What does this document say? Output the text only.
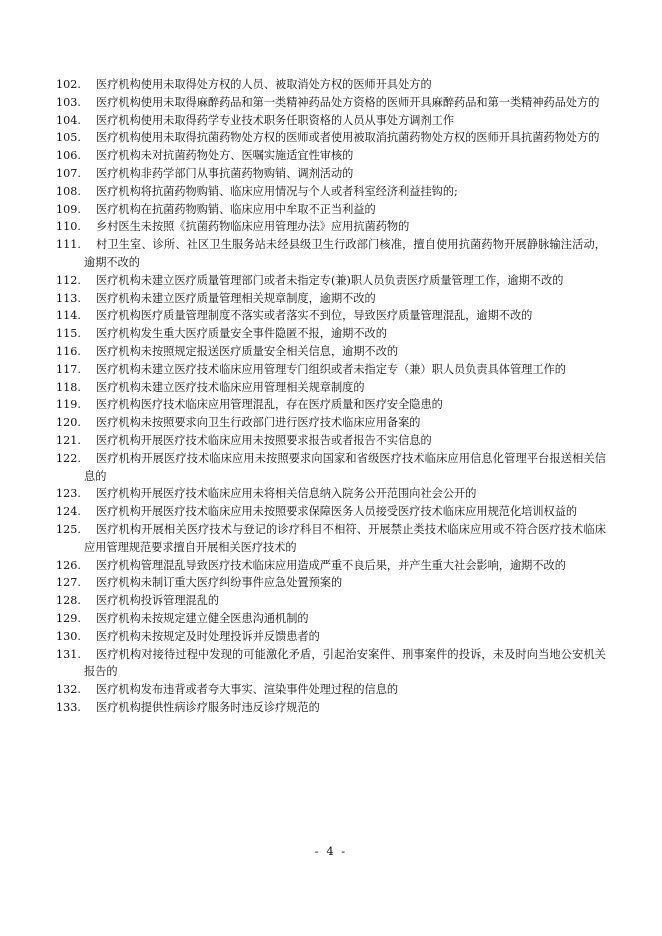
102.	医疗机构使用未取得处方权的人员、被取消处方权的医师开具处方的
103.	医疗机构使用未取得麻醉药品和第一类精神药品处方资格的医师开具麻醉药品和第一类精神药品处方的
104.	医疗机构使用未取得药学专业技术职务任职资格的人员从事处方调剂工作
105.	医疗机构使用未取得抗菌药物处方权的医师或者使用被取消抗菌药物处方权的医师开具抗菌药物处方的
106.	医疗机构未对抗菌药物处方、医嘱实施适宜性审核的
107.	医疗机构非药学部门从事抗菌药物购销、调剂活动的
108.	医疗机构将抗菌药物购销、临床应用情况与个人或者科室经济利益挂钩的;
109.	医疗机构在抗菌药物购销、临床应用中牟取不正当利益的
110.	乡村医生未按照《抗菌药物临床应用管理办法》应用抗菌药物的
111.	村卫生室、诊所、社区卫生服务站未经县级卫生行政部门核准，擅自使用抗菌药物开展静脉输注活动，逾期不改的
112.	医疗机构未建立医疗质量管理部门或者未指定专(兼)职人员负责医疗质量管理工作，逾期不改的
113.	医疗机构未建立医疗质量管理相关规章制度，逾期不改的
114.	医疗机构医疗质量管理制度不落实或者落实不到位，导致医疗质量管理混乱，逾期不改的
115.	医疗机构发生重大医疗质量安全事件隐匿不报，逾期不改的
116.	医疗机构未按照规定报送医疗质量安全相关信息，逾期不改的
117.	医疗机构未建立医疗技术临床应用管理专门组织或者未指定专（兼）职人员负责具体管理工作的
118.	医疗机构未建立医疗技术临床应用管理相关规章制度的
119.	医疗机构医疗技术临床应用管理混乱，存在医疗质量和医疗安全隐患的
120.	医疗机构未按照要求向卫生行政部门进行医疗技术临床应用备案的
121.	医疗机构开展医疗技术临床应用未按照要求报告或者报告不实信息的
122.	医疗机构开展医疗技术临床应用未按照要求向国家和省级医疗技术临床应用信息化管理平台报送相关信息的
123.	医疗机构开展医疗技术临床应用未将相关信息纳入院务公开范围向社会公开的
124.	医疗机构开展医疗技术临床应用未按照要求保障医务人员接受医疗技术临床应用规范化培训权益的
125.	医疗机构开展相关医疗技术与登记的诊疗科目不相符、开展禁止类技术临床应用或不符合医疗技术临床应用管理规范要求擅自开展相关医疗技术的
126.	医疗机构管理混乱导致医疗技术临床应用造成严重不良后果，并产生重大社会影响，逾期不改的
127.	医疗机构未制订重大医疗纠纷事件应急处置预案的
128.	医疗机构投诉管理混乱的
129.	医疗机构未按规定建立健全医患沟通机制的
130.	医疗机构未按规定及时处理投诉并反馈患者的
131.	医疗机构对接待过程中发现的可能激化矛盾，引起治安案件、刑事案件的投诉，未及时向当地公安机关报告的
132.	医疗机构发布违背或者夸大事实、渲染事件处理过程的信息的
133.	医疗机构提供性病诊疗服务时违反诊疗规范的
- 4 -
